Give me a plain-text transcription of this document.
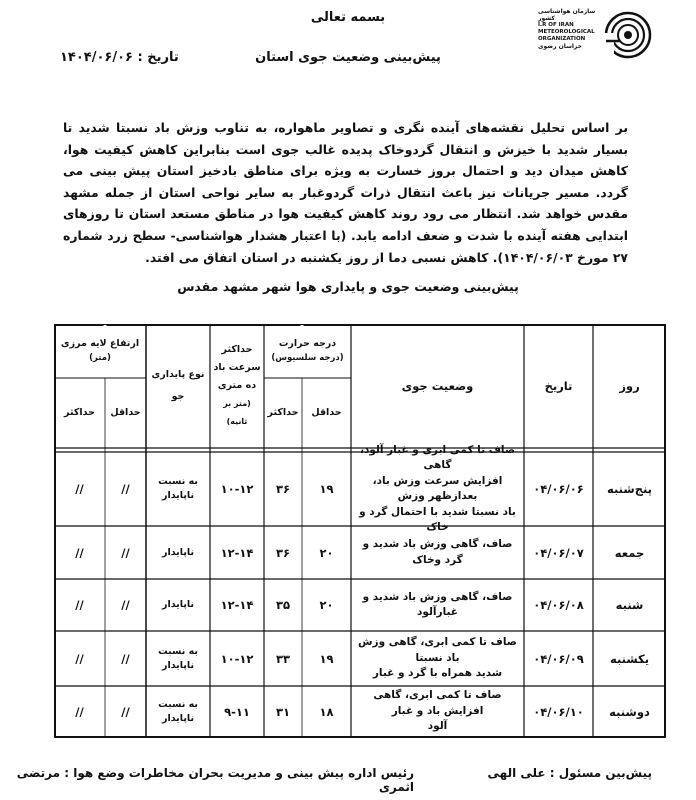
سازمان هواشناسی کشور
I.R OF IRAN
METEOROLOGICAL
ORGANIZATION
خراسان رضوی
بسمه تعالی
پیش‌بینی وضعیت جوی استان
تاریخ : ۱۴۰۴/۰۶/۰۶
بر اساس تحلیل نقشه‌های آینده نگری و تصاویر ماهواره، به تناوب وزش باد نسبتا شدید تا بسیار شدید با خیزش و انتقال گردوخاک پدیده غالب جوی است بنابراین کاهش کیفیت هوا، کاهش میدان دید و احتمال بروز خسارت به ویژه برای مناطق بادخیز استان پیش بینی می گردد. مسیر جریانات نیز باعث انتقال ذرات گردوغبار به سایر نواحی استان از جمله مشهد مقدس خواهد شد. انتظار می رود روند کاهش کیفیت هوا در مناطق مستعد استان تا روزهای ابتدایی هفته آینده با شدت و ضعف ادامه یابد. (با اعتبار هشدار هواشناسی- سطح زرد شماره ۲۷ مورخ ۱۴۰۴/۰۶/۰۳). کاهش نسبی دما از روز یکشنبه در استان اتفاق می افتد.
پیش‌بینی وضعیت جوی و پایداری هوا شهر مشهد مقدس
روز
تاریخ
وضعیت جوی
درجه حرارت
(درجه سلسیوس)
حداقل
حداکثر
حداکثر
سرعت باد
ده متری
(متر بر
ثانیه)
نوع پایداری
جو
ارتفاع لایه مرزی
(متر)
حداقل
حداکثر
پنج‌شنبه
۰۴/۰۶/۰۶
صاف تا کمی ابری و غبار آلود، گاهی
افزایش سرعت وزش باد، بعدازظهر وزش
باد نسبتا شدید با احتمال گرد و خاک
۱۹
۳۶
۱۰-۱۲
به نسبت
ناپایدار
//
//
جمعه
۰۴/۰۶/۰۷
صاف، گاهی وزش باد شدید و گرد وخاک
۲۰
۳۶
۱۲-۱۴
ناپایدار
//
//
شنبه
۰۴/۰۶/۰۸
صاف، گاهی وزش باد شدید و غبارآلود
۲۰
۳۵
۱۲-۱۴
ناپایدار
//
//
یکشنبه
۰۴/۰۶/۰۹
صاف تا کمی ابری، گاهی وزش باد نسبتا
شدید همراه با گرد و غبار
۱۹
۳۳
۱۰-۱۲
به نسبت
ناپایدار
//
//
دوشنبه
۰۴/۰۶/۱۰
صاف تا کمی ابری، گاهی افزایش باد و غبار
آلود
۱۸
۳۱
۹-۱۱
به نسبت
ناپایدار
//
//
پیش‌بین مسئول : علی الهی
رئیس اداره پیش بینی و مدیریت بحران مخاطرات وضع هوا : مرتضی اثمری
